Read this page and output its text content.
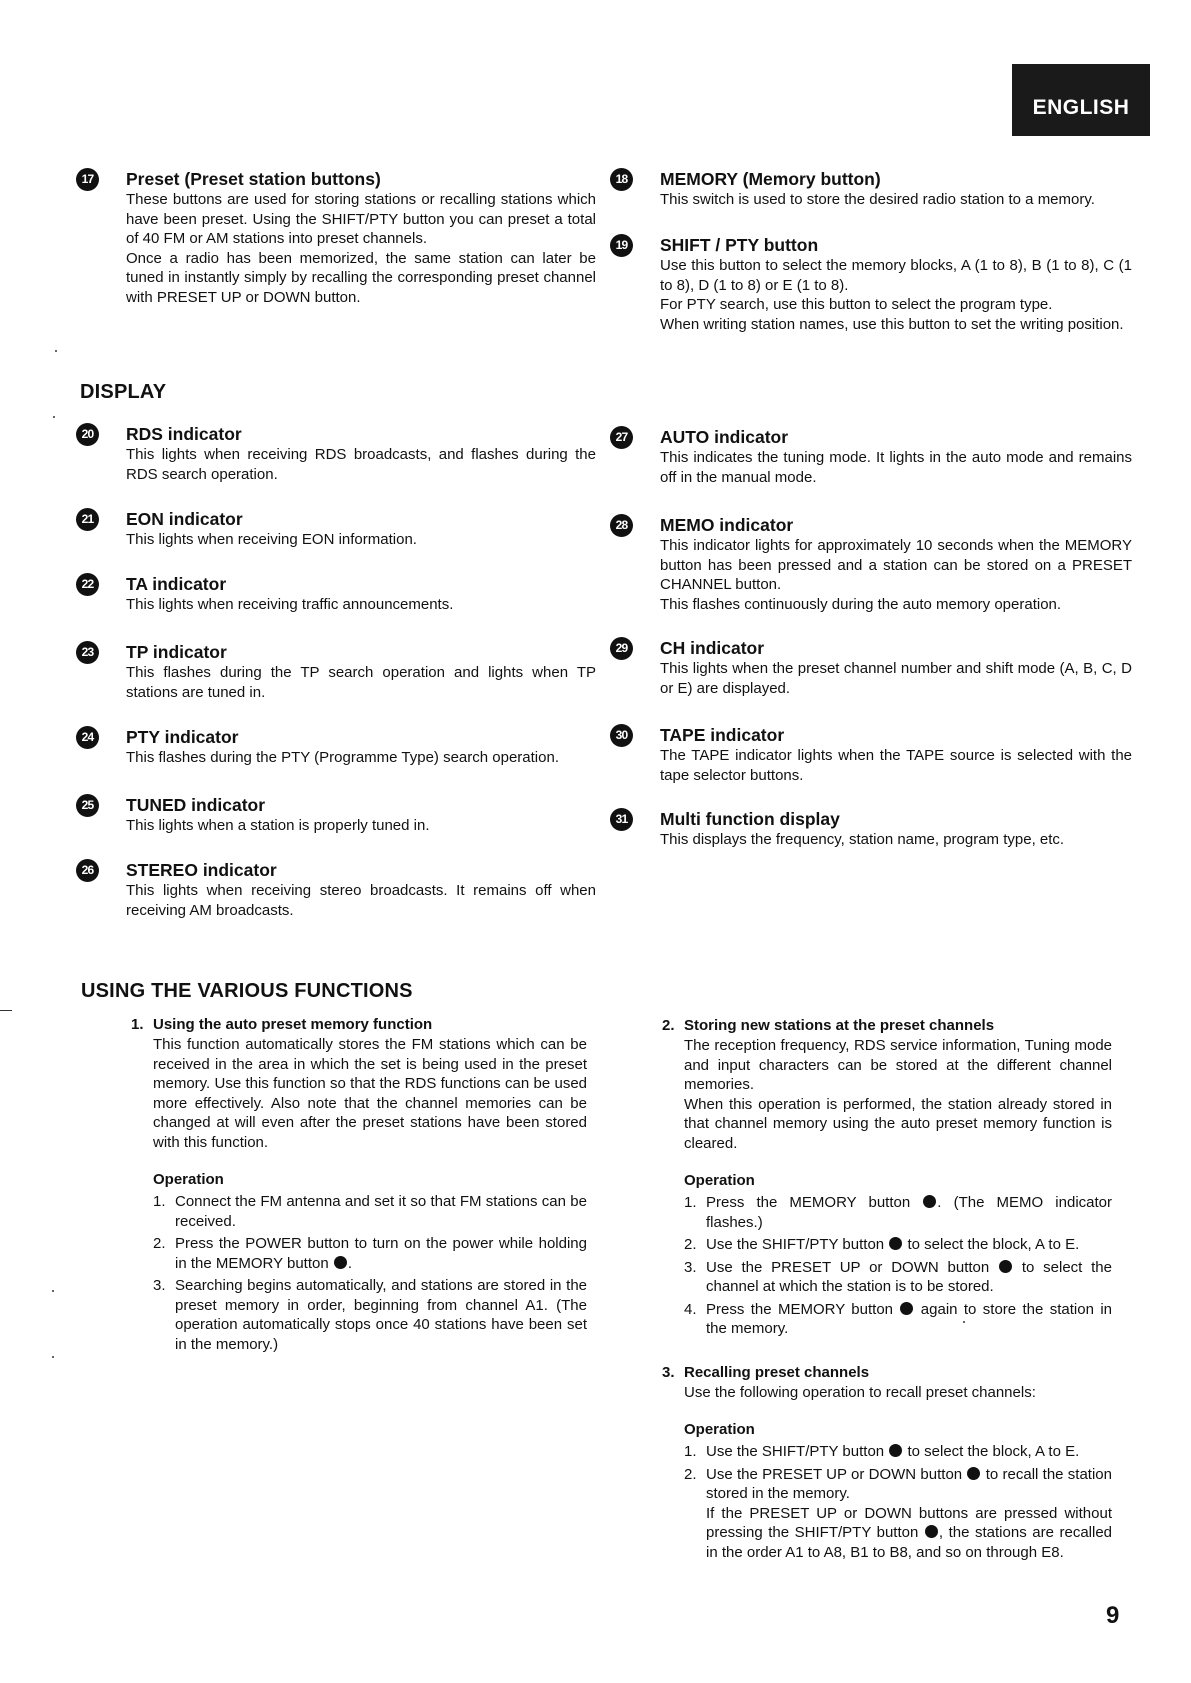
ENGLISH
17	Preset (Preset station buttons)

These buttons are used for storing stations or recalling stations which have been preset. Using the SHIFT/PTY button you can preset a total of 40 FM or AM stations into preset channels.

Once a radio has been memorized, the same station can later be tuned in instantly simply by recalling the corresponding preset channel with PRESET UP or DOWN button.

18	MEMORY (Memory button)

This switch is used to store the desired radio station to a memory.

19	SHIFT / PTY button

Use this button to select the memory blocks, A (1 to 8), B (1 to 8), C (1 to 8), D (1 to 8) or E (1 to 8).

For PTY search, use this button to select the program type.

When writing station names, use this button to set the writing position.

DISPLAY
20	RDS indicator

This lights when receiving RDS broadcasts, and flashes during the RDS search operation.

21	EON indicator

This lights when receiving EON information.

22	TA indicator

This lights when receiving traffic announcements.

23	TP indicator

This flashes during the TP search operation and lights when TP stations are tuned in.

24	PTY indicator

This flashes during the PTY (Programme Type) search operation.

25	TUNED indicator

This lights when a station is properly tuned in.

26	STEREO indicator

This lights when receiving stereo broadcasts. It remains off when receiving AM broadcasts.

27	AUTO indicator

This indicates the tuning mode. It lights in the auto mode and remains off in the manual mode.

28	MEMO indicator

This indicator lights for approximately 10 seconds when the MEMORY button has been pressed and a station can be stored on a PRESET CHANNEL button.

This flashes continuously during the auto memory operation.

29	CH indicator

This lights when the preset channel number and shift mode (A, B, C, D or E) are displayed.

30	TAPE indicator

The TAPE indicator lights when the TAPE source is selected with the tape selector buttons.

31	Multi function display

This displays the frequency, station name, program type, etc.

USING THE VARIOUS FUNCTIONS
1. Using the auto preset memory function

This function automatically stores the FM stations which can be received in the area in which the set is being used in the preset memory. Use this function so that the RDS functions can be used more effectively. Also note that the channel memories can be changed at will even after the preset stations have been stored with this function.

Operation
1. Connect the FM antenna and set it so that FM stations can be received.
2. Press the POWER button to turn on the power while holding in the MEMORY button .
3. Searching begins automatically, and stations are stored in the preset memory in order, beginning from channel A1. (The operation automatically stops once 40 stations have been set in the memory.)
2. Storing new stations at the preset channels

The reception frequency, RDS service information, Tuning mode and input characters can be stored at the different channel memories.

When this operation is performed, the station already stored in that channel memory using the auto preset memory function is cleared.

Operation
1. Press the MEMORY button . (The MEMO indicator flashes.)
2. Use the SHIFT/PTY button  to select the block, A to E.
3. Use the PRESET UP or DOWN button  to select the channel at which the station is to be stored.
4. Press the MEMORY button  again to store the station in the memory.
3. Recalling preset channels

Use the following operation to recall preset channels:

Operation
1. Use the SHIFT/PTY button  to select the block, A to E.
2. Use the PRESET UP or DOWN button  to recall the station stored in the memory.
If the PRESET UP or DOWN buttons are pressed without pressing the SHIFT/PTY button , the stations are recalled in the order A1 to A8, B1 to B8, and so on through E8.
9
